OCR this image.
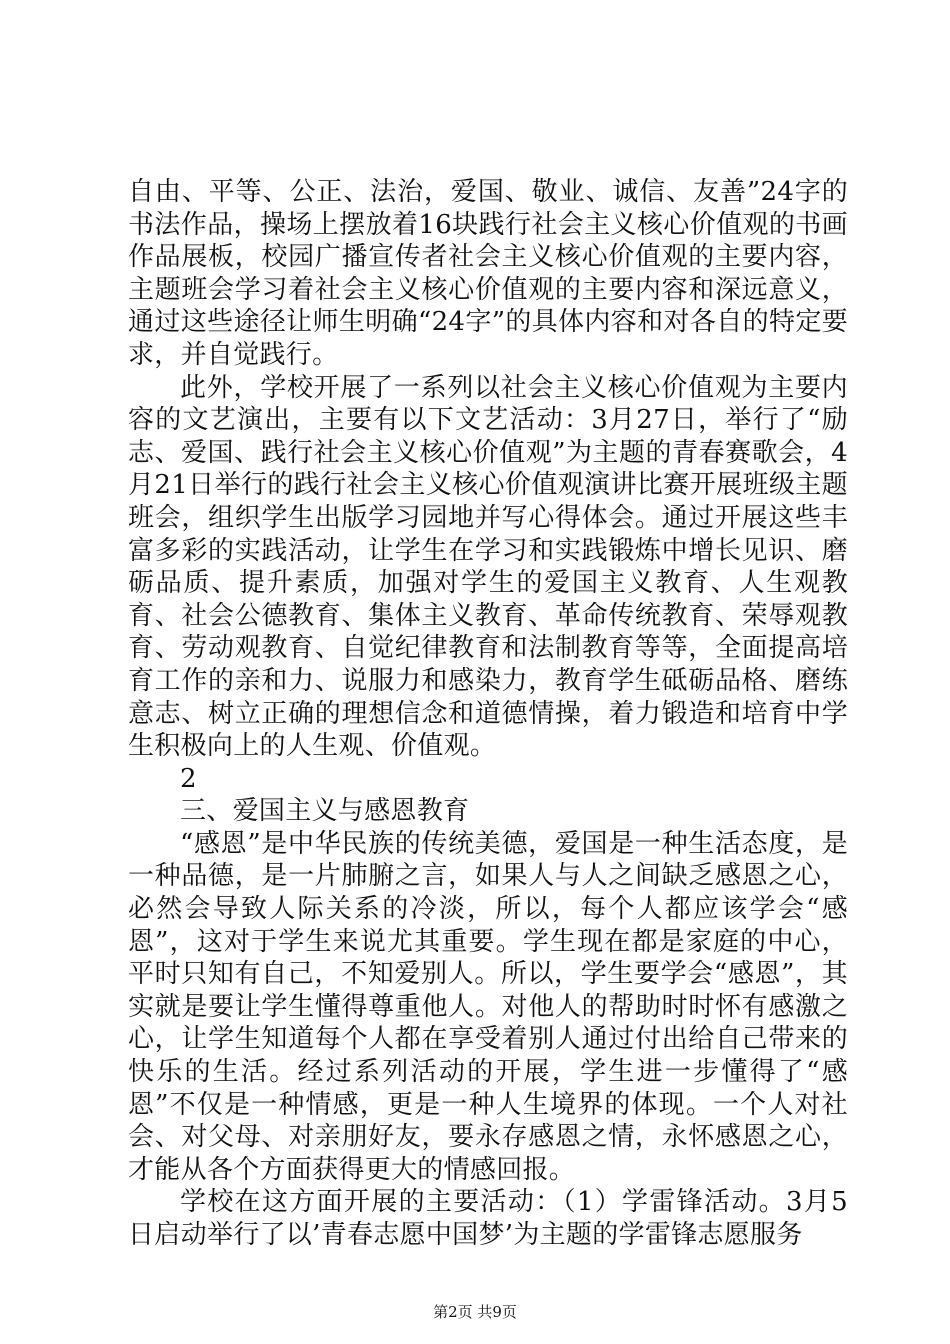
自由、平等、公正、法治，爱国、敬业、诚信、友善”24字的书法作品，操场上摆放着16块践行社会主义核心价值观的书画作品展板，校园广播宣传者社会主义核心价值观的主要内容，主题班会学习着社会主义核心价值观的主要内容和深远意义，通过这些途径让师生明确“24字”的具体内容和对各自的特定要求，并自觉践行。

此外，学校开展了一系列以社会主义核心价值观为主要内容的文艺演出，主要有以下文艺活动：3月27日，举行了“励志、爱国、践行社会主义核心价值观”为主题的青春赛歌会，4月21日举行的践行社会主义核心价值观演讲比赛开展班级主题班会，组织学生出版学习园地并写心得体会。通过开展这些丰富多彩的实践活动，让学生在学习和实践锻炼中增长见识、磨砺品质、提升素质，加强对学生的爱国主义教育、人生观教育、社会公德教育、集体主义教育、革命传统教育、荣辱观教育、劳动观教育、自觉纪律教育和法制教育等等，全面提高培育工作的亲和力、说服力和感染力，教育学生砥砺品格、磨练意志、树立正确的理想信念和道德情操，着力锻造和培育中学生积极向上的人生观、价值观。

2

三、爱国主义与感恩教育

“感恩”是中华民族的传统美德，爱国是一种生活态度，是一种品德，是一片肺腑之言，如果人与人之间缺乏感恩之心，必然会导致人际关系的冷淡，所以，每个人都应该学会“感恩”，这对于学生来说尤其重要。学生现在都是家庭的中心，平时只知有自己，不知爱别人。所以，学生要学会“感恩”，其实就是要让学生懂得尊重他人。对他人的帮助时时怀有感激之心，让学生知道每个人都在享受着别人通过付出给自己带来的快乐的生活。经过系列活动的开展，学生进一步懂得了“感恩”不仅是一种情感，更是一种人生境界的体现。一个人对社会、对父母、对亲朋好友，要永存感恩之情，永怀感恩之心，才能从各个方面获得更大的情感回报。

学校在这方面开展的主要活动：（1）学雷锋活动。3月5日启动举行了以’青春志愿中国梦’为主题的学雷锋志愿服务

第2页 共9页
